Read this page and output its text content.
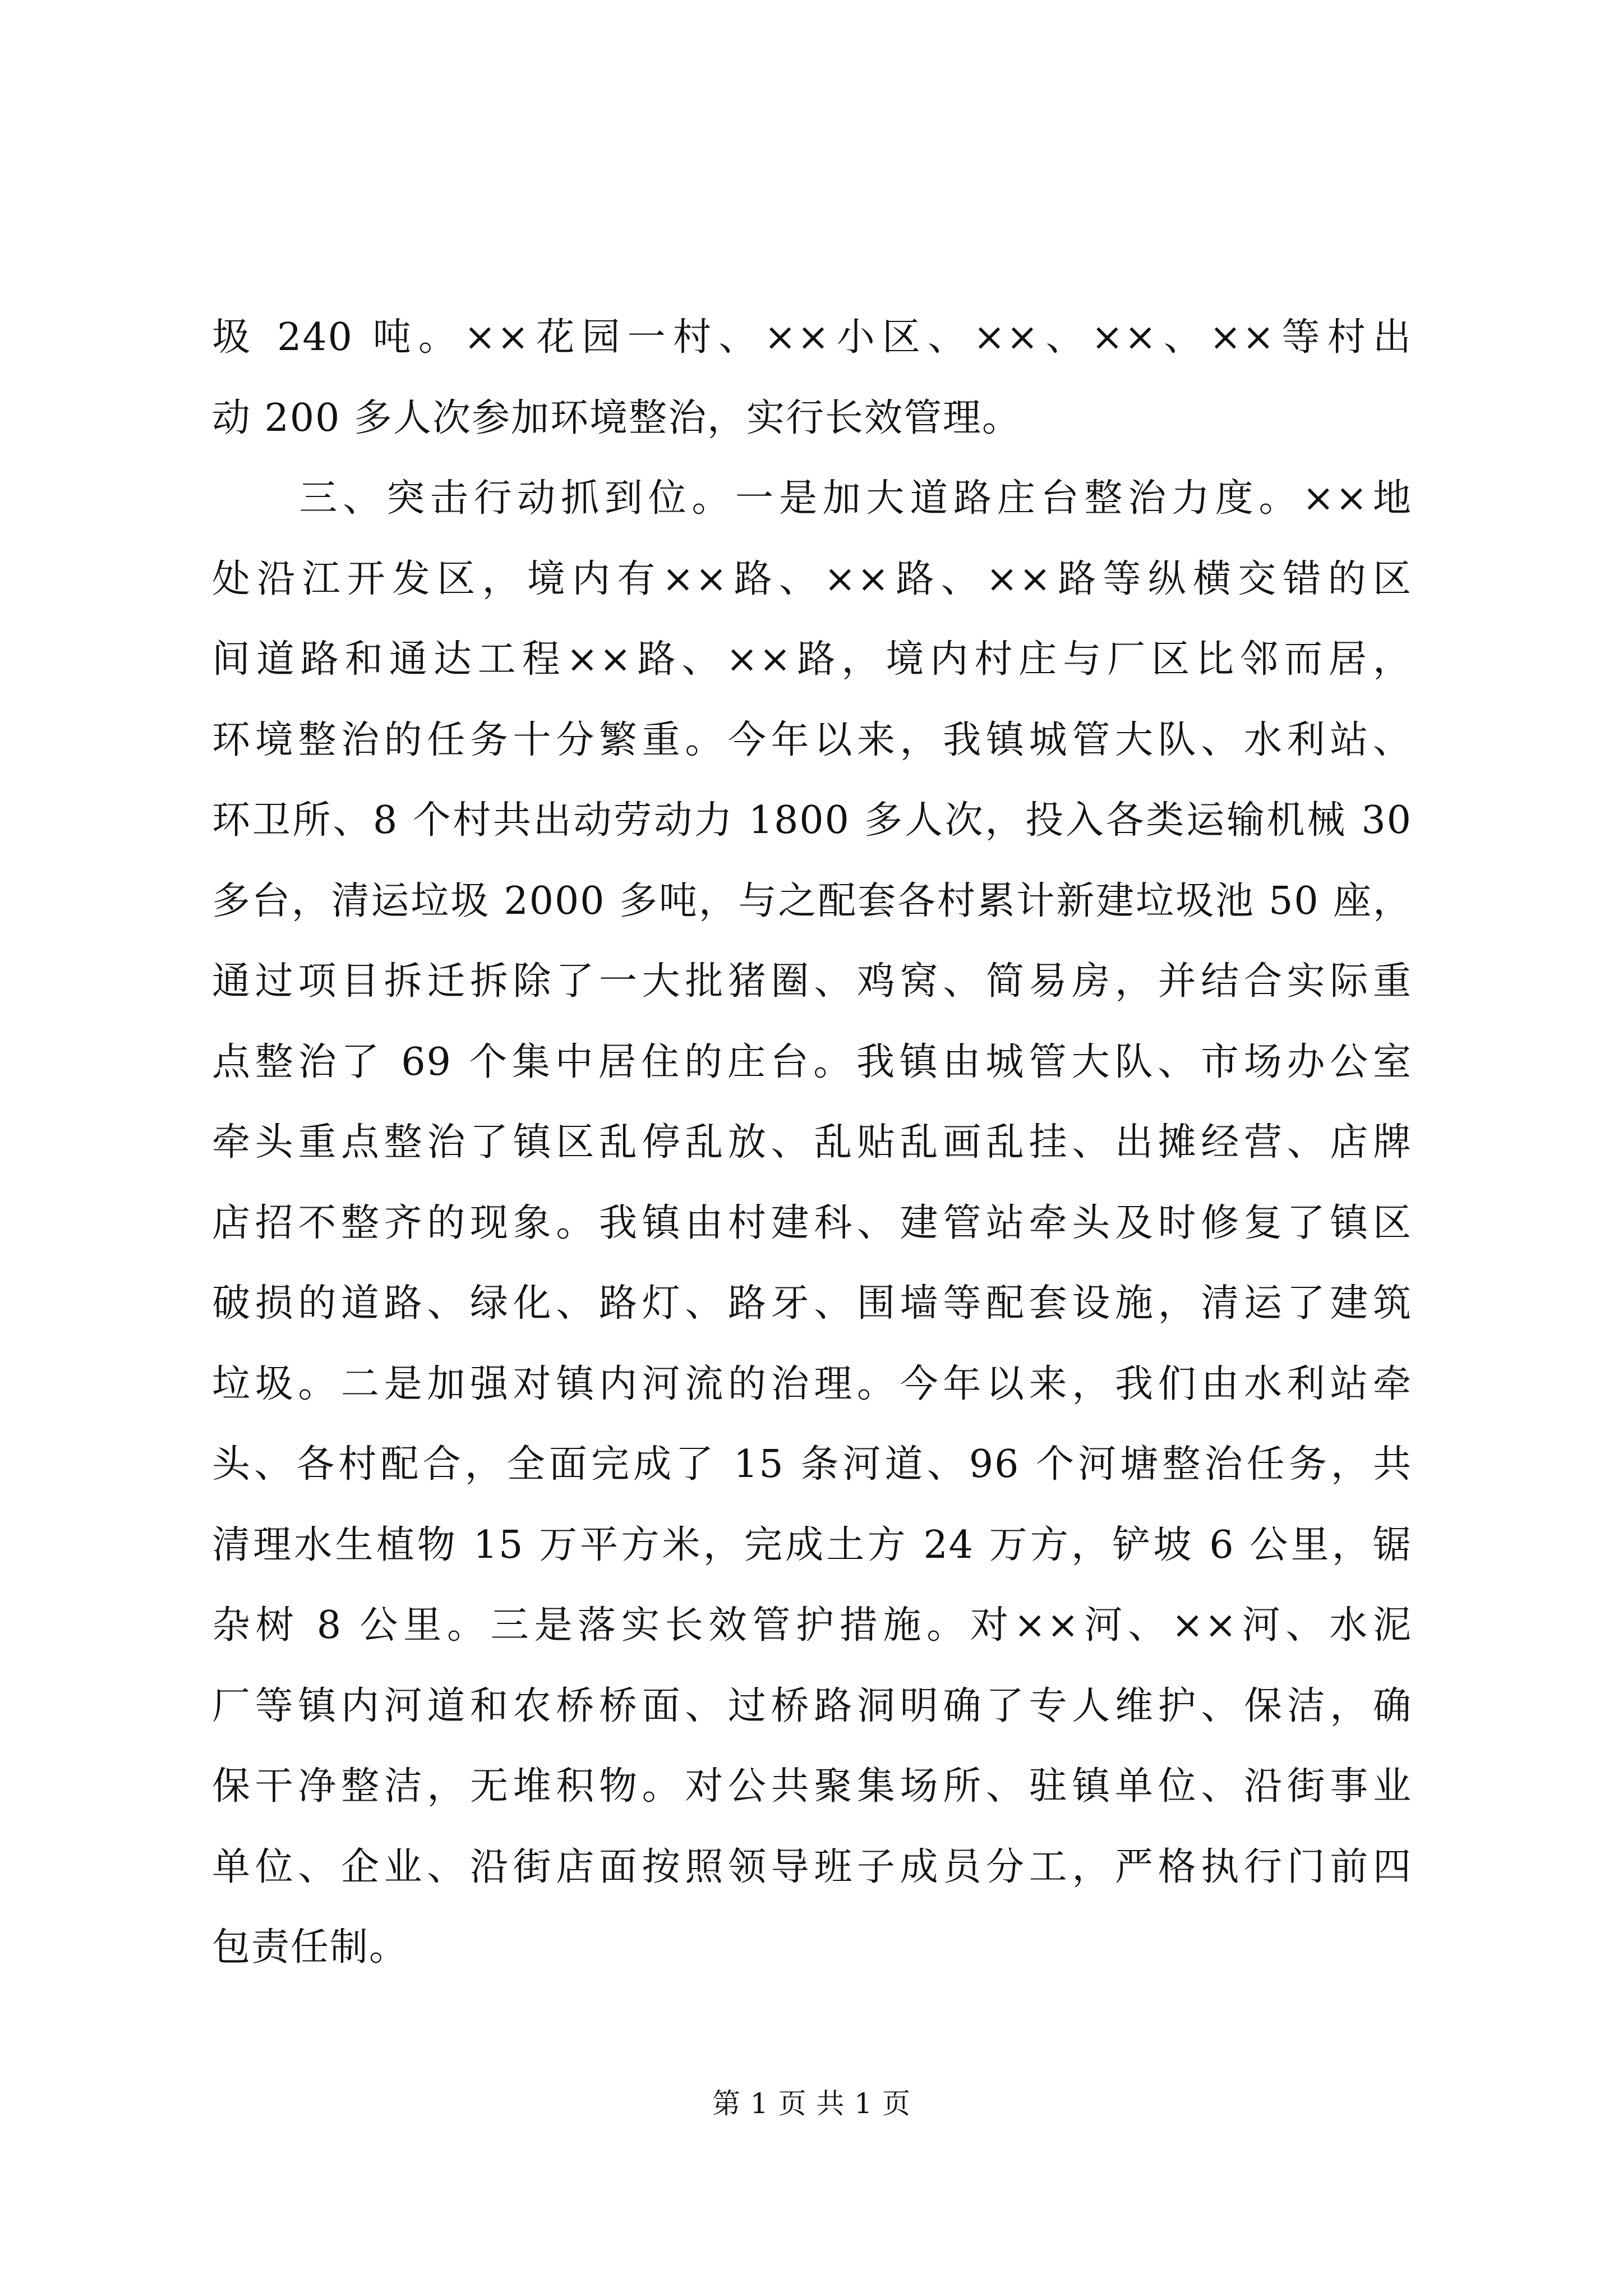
圾 240 吨。××花园一村、××小区、××、××、××等村出
动 200 多人次参加环境整治，实行长效管理。
　　三、突击行动抓到位。一是加大道路庄台整治力度。××地
处沿江开发区，境内有××路、××路、××路等纵横交错的区
间道路和通达工程××路、××路，境内村庄与厂区比邻而居，
环境整治的任务十分繁重。今年以来，我镇城管大队、水利站、
环卫所、8 个村共出动劳动力 1800 多人次，投入各类运输机械 30
多台，清运垃圾 2000 多吨，与之配套各村累计新建垃圾池 50 座，
通过项目拆迁拆除了一大批猪圈、鸡窝、简易房，并结合实际重
点整治了 69 个集中居住的庄台。我镇由城管大队、市场办公室
牵头重点整治了镇区乱停乱放、乱贴乱画乱挂、出摊经营、店牌
店招不整齐的现象。我镇由村建科、建管站牵头及时修复了镇区
破损的道路、绿化、路灯、路牙、围墙等配套设施，清运了建筑
垃圾。二是加强对镇内河流的治理。今年以来，我们由水利站牵
头、各村配合，全面完成了 15 条河道、96 个河塘整治任务，共
清理水生植物 15 万平方米，完成土方 24 万方，铲坡 6 公里，锯
杂树 8 公里。三是落实长效管护措施。对××河、××河、水泥
厂等镇内河道和农桥桥面、过桥路洞明确了专人维护、保洁，确
保干净整洁，无堆积物。对公共聚集场所、驻镇单位、沿街事业
单位、企业、沿街店面按照领导班子成员分工，严格执行门前四
包责任制。
第 1 页 共 1 页
